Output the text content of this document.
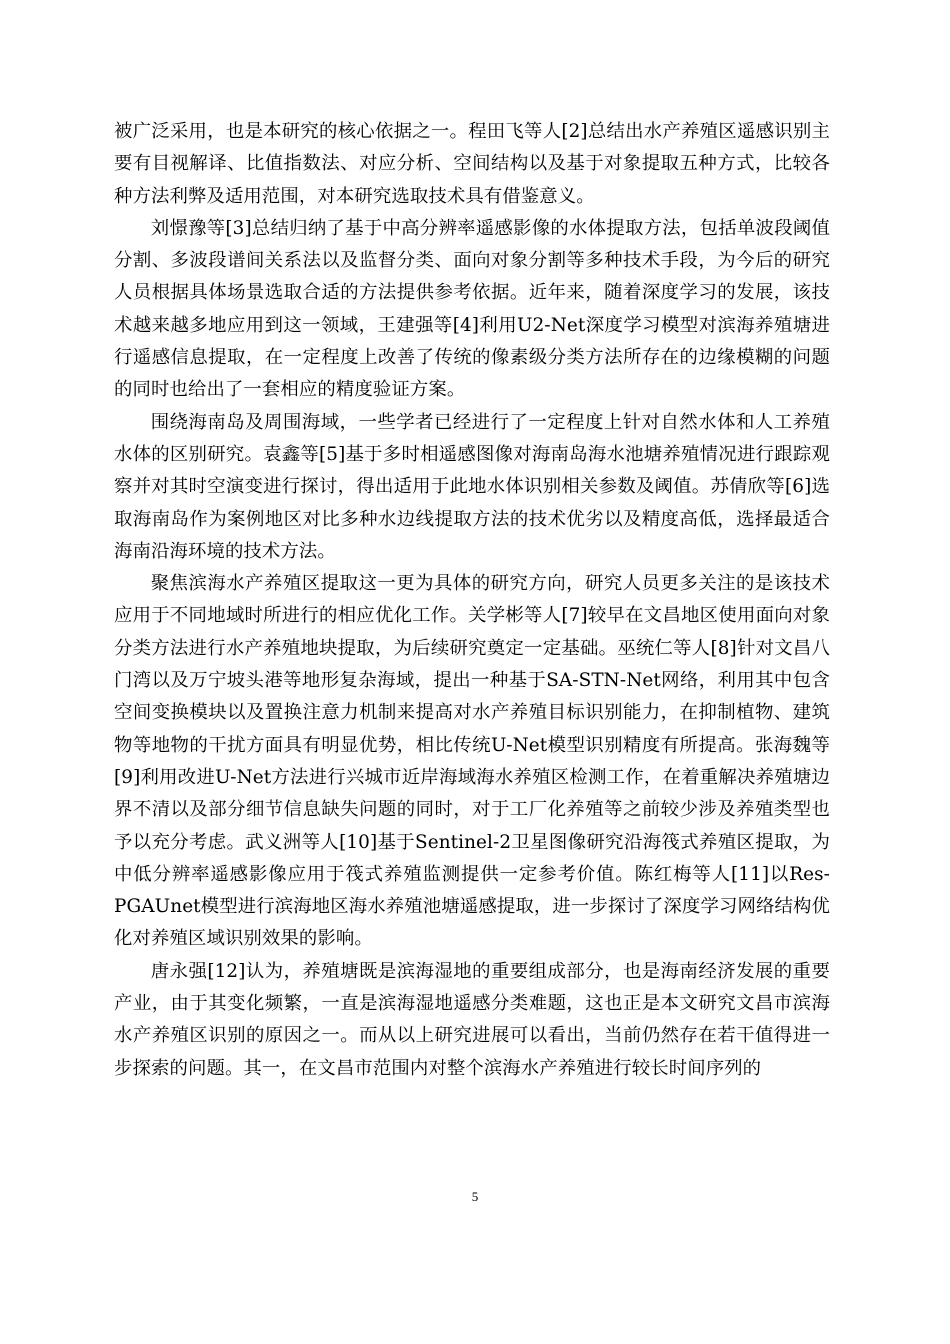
被广泛采用，也是本研究的核心依据之一。程田飞等人[2]总结出水产养殖区遥感识别主要有目视解译、比值指数法、对应分析、空间结构以及基于对象提取五种方式，比较各种方法利弊及适用范围，对本研究选取技术具有借鉴意义。

刘憬豫等[3]总结归纳了基于中高分辨率遥感影像的水体提取方法，包括单波段阈值分割、多波段谱间关系法以及监督分类、面向对象分割等多种技术手段，为今后的研究人员根据具体场景选取合适的方法提供参考依据。近年来，随着深度学习的发展，该技术越来越多地应用到这一领域，王建强等[4]利用U2-Net深度学习模型对滨海养殖塘进行遥感信息提取，在一定程度上改善了传统的像素级分类方法所存在的边缘模糊的问题的同时也给出了一套相应的精度验证方案。

围绕海南岛及周围海域，一些学者已经进行了一定程度上针对自然水体和人工养殖水体的区别研究。袁鑫等[5]基于多时相遥感图像对海南岛海水池塘养殖情况进行跟踪观察并对其时空演变进行探讨，得出适用于此地水体识别相关参数及阈值。苏倩欣等[6]选取海南岛作为案例地区对比多种水边线提取方法的技术优劣以及精度高低，选择最适合海南沿海环境的技术方法。

聚焦滨海水产养殖区提取这一更为具体的研究方向，研究人员更多关注的是该技术应用于不同地域时所进行的相应优化工作。关学彬等人[7]较早在文昌地区使用面向对象分类方法进行水产养殖地块提取，为后续研究奠定一定基础。巫统仁等人[8]针对文昌八门湾以及万宁坡头港等地形复杂海域，提出一种基于SA-STN-Net网络，利用其中包含空间变换模块以及置换注意力机制来提高对水产养殖目标识别能力，在抑制植物、建筑物等地物的干扰方面具有明显优势，相比传统U-Net模型识别精度有所提高。张海魏等[9]利用改进U-Net方法进行兴城市近岸海域海水养殖区检测工作，在着重解决养殖塘边界不清以及部分细节信息缺失问题的同时，对于工厂化养殖等之前较少涉及养殖类型也予以充分考虑。武义洲等人[10]基于Sentinel-2卫星图像研究沿海筏式养殖区提取，为中低分辨率遥感影像应用于筏式养殖监测提供一定参考价值。陈红梅等人[11]以Res-PGAUnet模型进行滨海地区海水养殖池塘遥感提取，进一步探讨了深度学习网络结构优化对养殖区域识别效果的影响。

唐永强[12]认为，养殖塘既是滨海湿地的重要组成部分，也是海南经济发展的重要产业，由于其变化频繁，一直是滨海湿地遥感分类难题，这也正是本文研究文昌市滨海水产养殖区识别的原因之一。而从以上研究进展可以看出，当前仍然存在若干值得进一步探索的问题。其一，在文昌市范围内对整个滨海水产养殖进行较长时间序列的

5
